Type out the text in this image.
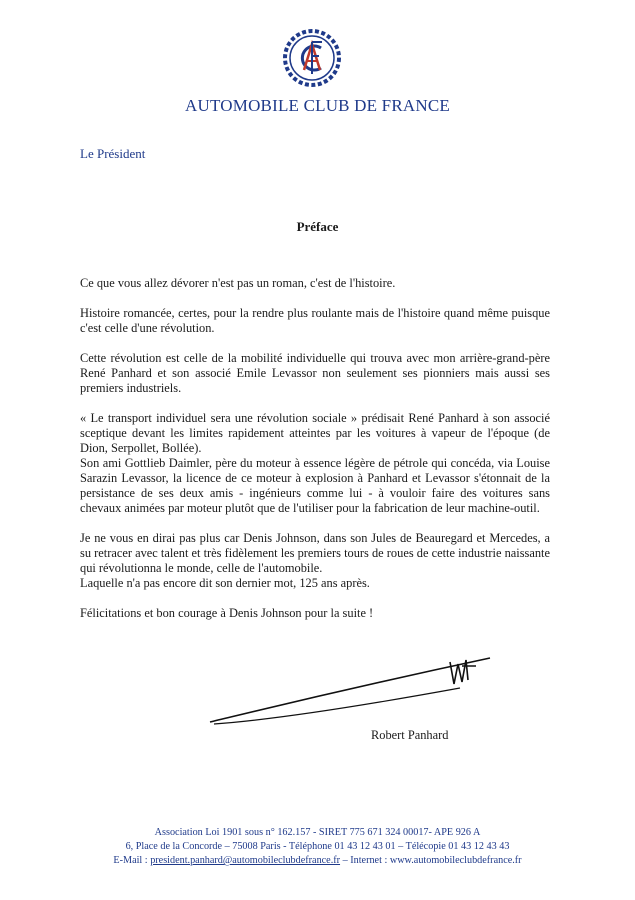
AUTOMOBILE CLUB DE FRANCE
Le Président
Préface

Ce que vous allez dévorer n'est pas un roman, c'est de l'histoire.

Histoire romancée, certes, pour la rendre plus roulante mais de l'histoire quand même puisque c'est celle d'une révolution.

Cette révolution est celle de la mobilité individuelle qui trouva avec mon arrière-grand-père René Panhard et son associé Emile Levassor non seulement ses pionniers mais aussi ses premiers industriels.

« Le transport individuel sera une révolution sociale » prédisait René Panhard à son associé sceptique devant les limites rapidement atteintes par les voitures à vapeur de l'époque (de Dion, Serpollet, Bollée).

Son ami Gottlieb Daimler, père du moteur à essence légère de pétrole qui concéda, via Louise Sarazin Levassor, la licence de ce moteur à explosion à Panhard et Levassor s'étonnait de la persistance de ses deux amis - ingénieurs comme lui - à vouloir faire des voitures sans chevaux animées par moteur plutôt que de l'utiliser pour la fabrication de leur machine-outil.

Je ne vous en dirai pas plus car Denis Johnson, dans son Jules de Beauregard et Mercedes, a su retracer avec talent et très fidèlement les premiers tours de roues de cette industrie naissante qui révolutionna le monde, celle de l'automobile.

Laquelle n'a pas encore dit son dernier mot, 125 ans après.

Félicitations et bon courage à Denis Johnson pour la suite !

Robert Panhard
Association Loi 1901 sous n° 162.157 - SIRET 775 671 324 00017- APE 926 A
6, Place de la Concorde – 75008 Paris - Téléphone 01 43 12 43 01 – Télécopie 01 43 12 43 43
E-Mail : president.panhard@automobileclubdefrance.fr – Internet : www.automobileclubdefrance.fr
